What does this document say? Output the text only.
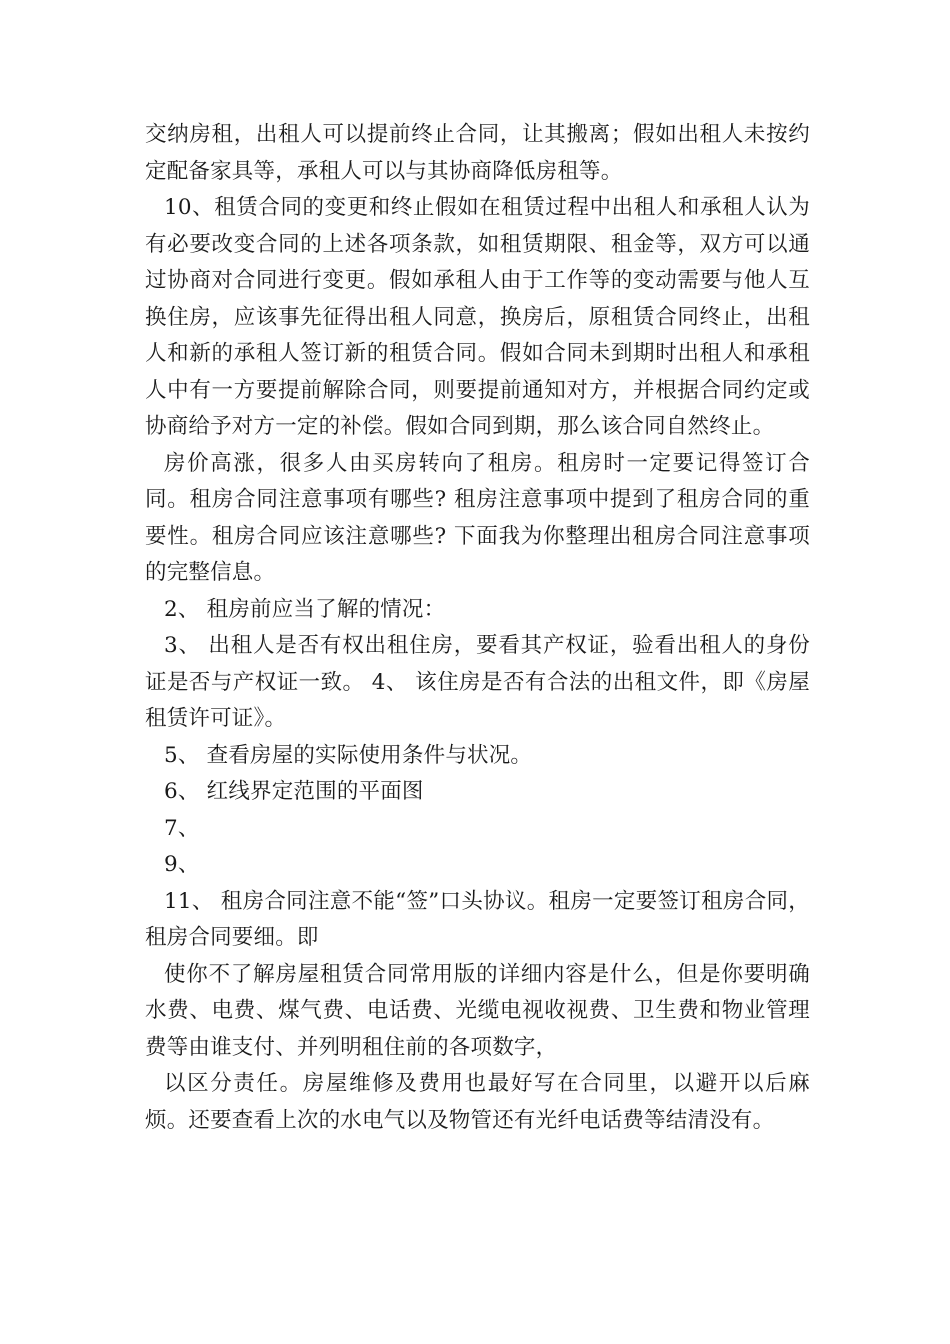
交纳房租，出租人可以提前终止合同，让其搬离；假如出租人未按约定配备家具等，承租人可以与其协商降低房租等。

10、租赁合同的变更和终止假如在租赁过程中出租人和承租人认为有必要改变合同的上述各项条款，如租赁期限、租金等，双方可以通过协商对合同进行变更。假如承租人由于工作等的变动需要与他人互换住房，应该事先征得出租人同意，换房后，原租赁合同终止，出租人和新的承租人签订新的租赁合同。假如合同未到期时出租人和承租人中有一方要提前解除合同，则要提前通知对方，并根据合同约定或协商给予对方一定的补偿。假如合同到期，那么该合同自然终止。

房价高涨，很多人由买房转向了租房。租房时一定要记得签订合同。租房合同注意事项有哪些? 租房注意事项中提到了租房合同的重要性。租房合同应该注意哪些? 下面我为你整理出租房合同注意事项的完整信息。

2、 租房前应当了解的情况：

3、 出租人是否有权出租住房，要看其产权证，验看出租人的身份证是否与产权证一致。 4、 该住房是否有合法的出租文件，即《房屋租赁许可证》。

5、 查看房屋的实际使用条件与状况。

6、 红线界定范围的平面图

7、

9、

11、 租房合同注意不能“签”口头协议。租房一定要签订租房合同，租房合同要细。即

使你不了解房屋租赁合同常用版的详细内容是什么，但是你要明确水费、电费、煤气费、电话费、光缆电视收视费、卫生费和物业管理费等由谁支付、并列明租住前的各项数字，

以区分责任。房屋维修及费用也最好写在合同里，以避开以后麻烦。还要查看上次的水电气以及物管还有光纤电话费等结清没有。
